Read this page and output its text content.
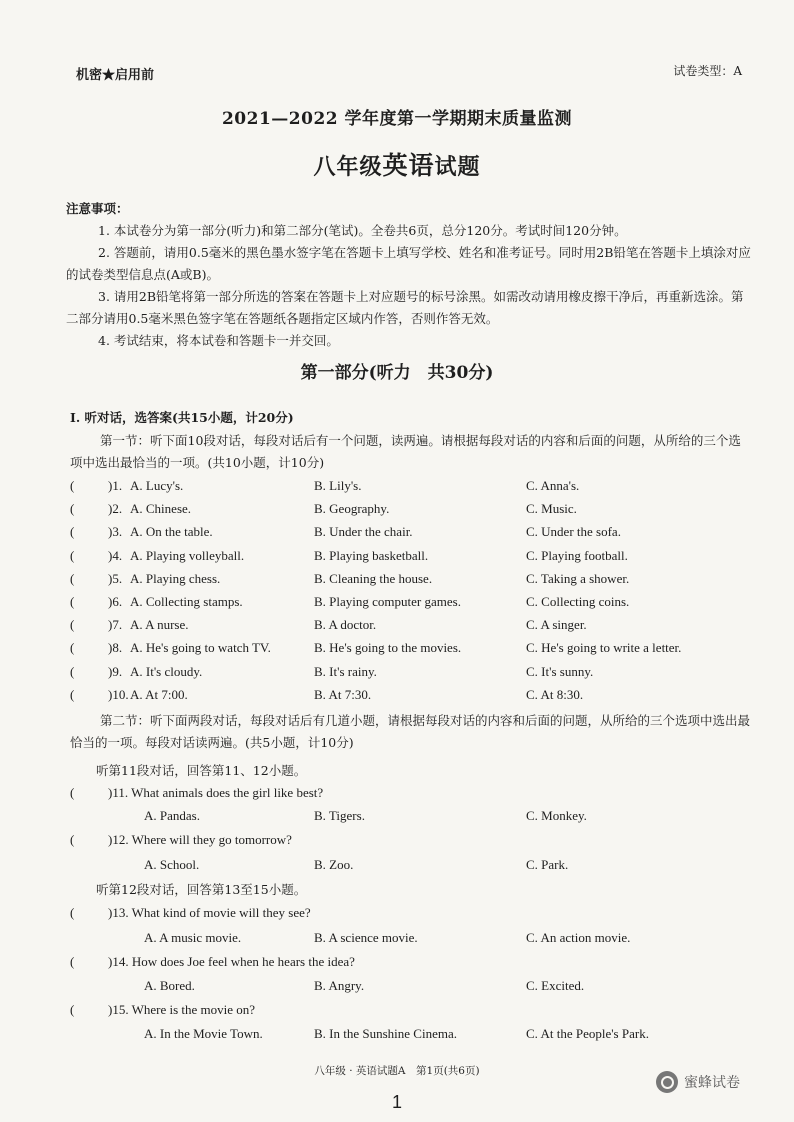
机密★启用前	试卷类型：A
2021—2022 学年度第一学期期末质量监测
八年级英语试题

注意事项：

1. 本试卷分为第一部分(听力)和第二部分(笔试)。全卷共6页，总分120分。考试时间120分钟。

2. 答题前，请用0.5毫米的黑色墨水签字笔在答题卡上填写学校、姓名和准考证号。同时用2B铅笔在答题卡上填涂对应的试卷类型信息点(A或B)。

3. 请用2B铅笔将第一部分所选的答案在答题卡上对应题号的标号涂黑。如需改动请用橡皮擦干净后，再重新选涂。第二部分请用0.5毫米黑色签字笔在答题纸各题指定区域内作答，否则作答无效。

4. 考试结束，将本试卷和答题卡一并交回。

第一部分(听力　共30分)
Ⅰ. 听对话，选答案(共15小题，计20分)
第一节：听下面10段对话，每段对话后有一个问题，读两遍。请根据每段对话的内容和后面的问题，从所给的三个选项中选出最恰当的一项。(共10小题，计10分)
(	)1. A. Lucy's.	B. Lily's.	C. Anna's.
(	)2. A. Chinese.	B. Geography.	C. Music.
(	)3. A. On the table.	B. Under the chair.	C. Under the sofa.
(	)4. A. Playing volleyball.	B. Playing basketball.	C. Playing football.
(	)5. A. Playing chess.	B. Cleaning the house.	C. Taking a shower.
(	)6. A. Collecting stamps.	B. Playing computer games.	C. Collecting coins.
(	)7. A. A nurse.	B. A doctor.	C. A singer.
(	)8. A. He's going to watch TV.	B. He's going to the movies.	C. He's going to write a letter.
(	)9. A. It's cloudy.	B. It's rainy.	C. It's sunny.
(	)10. A. At 7:00.	B. At 7:30.	C. At 8:30.
第二节：听下面两段对话，每段对话后有几道小题，请根据每段对话的内容和后面的问题，从所给的三个选项中选出最恰当的一项。每段对话读两遍。(共5小题，计10分)
听第11段对话，回答第11、12小题。
(	)11. What animals does the girl like best?
A. Pandas.	B. Tigers.	C. Monkey.
(	)12. Where will they go tomorrow?
A. School.	B. Zoo.	C. Park.
听第12段对话，回答第13至15小题。
(	)13. What kind of movie will they see?
A. A music movie.	B. A science movie.	C. An action movie.
(	)14. How does Joe feel when he hears the idea?
A. Bored.	B. Angry.	C. Excited.
(	)15. Where is the movie on?
A. In the Movie Town.	B. In the Sunshine Cinema.	C. At the People's Park.
八年级 · 英语试题A　第1页(共6页)
1
蜜蜂试卷
